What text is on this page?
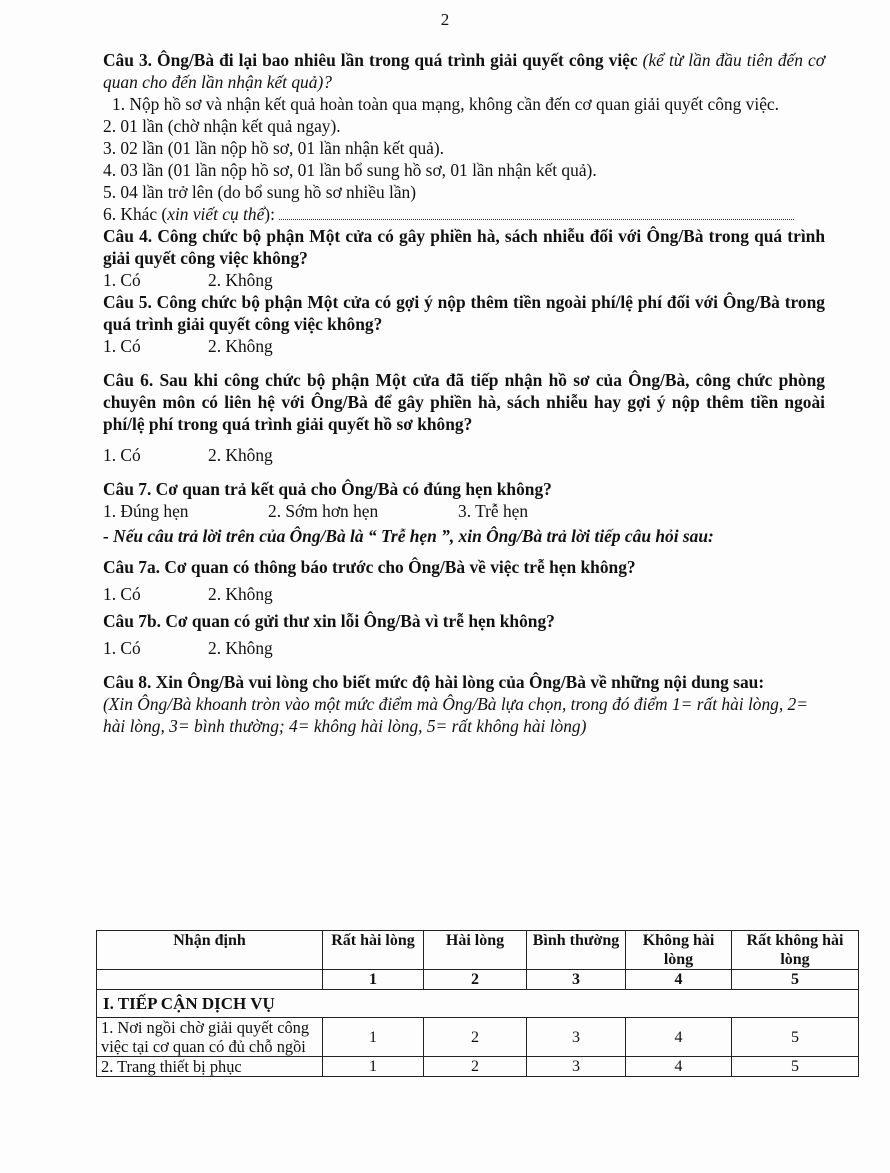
2

Câu 3. Ông/Bà đi lại bao nhiêu lần trong quá trình giải quyết công việc (kể từ lần đầu tiên đến cơ quan cho đến lần nhận kết quả)?

1. Nộp hồ sơ và nhận kết quả hoàn toàn qua mạng, không cần đến cơ quan giải quyết công việc.

2. 01 lần (chờ nhận kết quả ngay).

3. 02 lần (01 lần nộp hồ sơ, 01 lần nhận kết quả).

4. 03 lần (01 lần nộp hồ sơ, 01 lần bổ sung hồ sơ, 01 lần nhận kết quả).

5. 04 lần trở lên (do bổ sung hồ sơ nhiều lần)

6. Khác (xin viết cụ thể):

Câu 4. Công chức bộ phận Một cửa có gây phiền hà, sách nhiễu đối với Ông/Bà trong quá trình giải quyết công việc không?

1. Có	2. Không

Câu 5. Công chức bộ phận Một cửa có gợi ý nộp thêm tiền ngoài phí/lệ phí đối với Ông/Bà trong quá trình giải quyết công việc không?

1. Có	2. Không

Câu 6. Sau khi công chức bộ phận Một cửa đã tiếp nhận hồ sơ của Ông/Bà, công chức phòng chuyên môn có liên hệ với Ông/Bà để gây phiền hà, sách nhiễu hay gợi ý nộp thêm tiền ngoài phí/lệ phí trong quá trình giải quyết hồ sơ không?

1. Có	2. Không

Câu 7. Cơ quan trả kết quả cho Ông/Bà có đúng hẹn không?

1. Đúng hẹn	2. Sớm hơn hẹn	3. Trễ hẹn

- Nếu câu trả lời trên của Ông/Bà là “ Trễ hẹn ”, xin Ông/Bà trả lời tiếp câu hỏi sau:

Câu 7a. Cơ quan có thông báo trước cho Ông/Bà về việc trễ hẹn không?

1. Có	2. Không

Câu 7b. Cơ quan có gửi thư xin lỗi Ông/Bà vì trễ hẹn không?

1. Có	2. Không

Câu 8. Xin Ông/Bà vui lòng cho biết mức độ hài lòng của Ông/Bà về những nội dung sau:

(Xin Ông/Bà khoanh tròn vào một mức điểm mà Ông/Bà lựa chọn, trong đó điểm 1= rất hài lòng, 2= hài lòng, 3= bình thường; 4= không hài lòng, 5= rất không hài lòng)

Nhận định	Rất hài lòng	Hài lòng	Bình thường	Không hài lòng	Rất không hài lòng
	1	2	3	4	5
I. TIẾP CẬN DỊCH VỤ					
1. Nơi ngồi chờ giải quyết công việc tại cơ quan có đủ chỗ ngồi	1	2	3	4	5
2. Trang thiết bị phục	1	2	3	4	5
